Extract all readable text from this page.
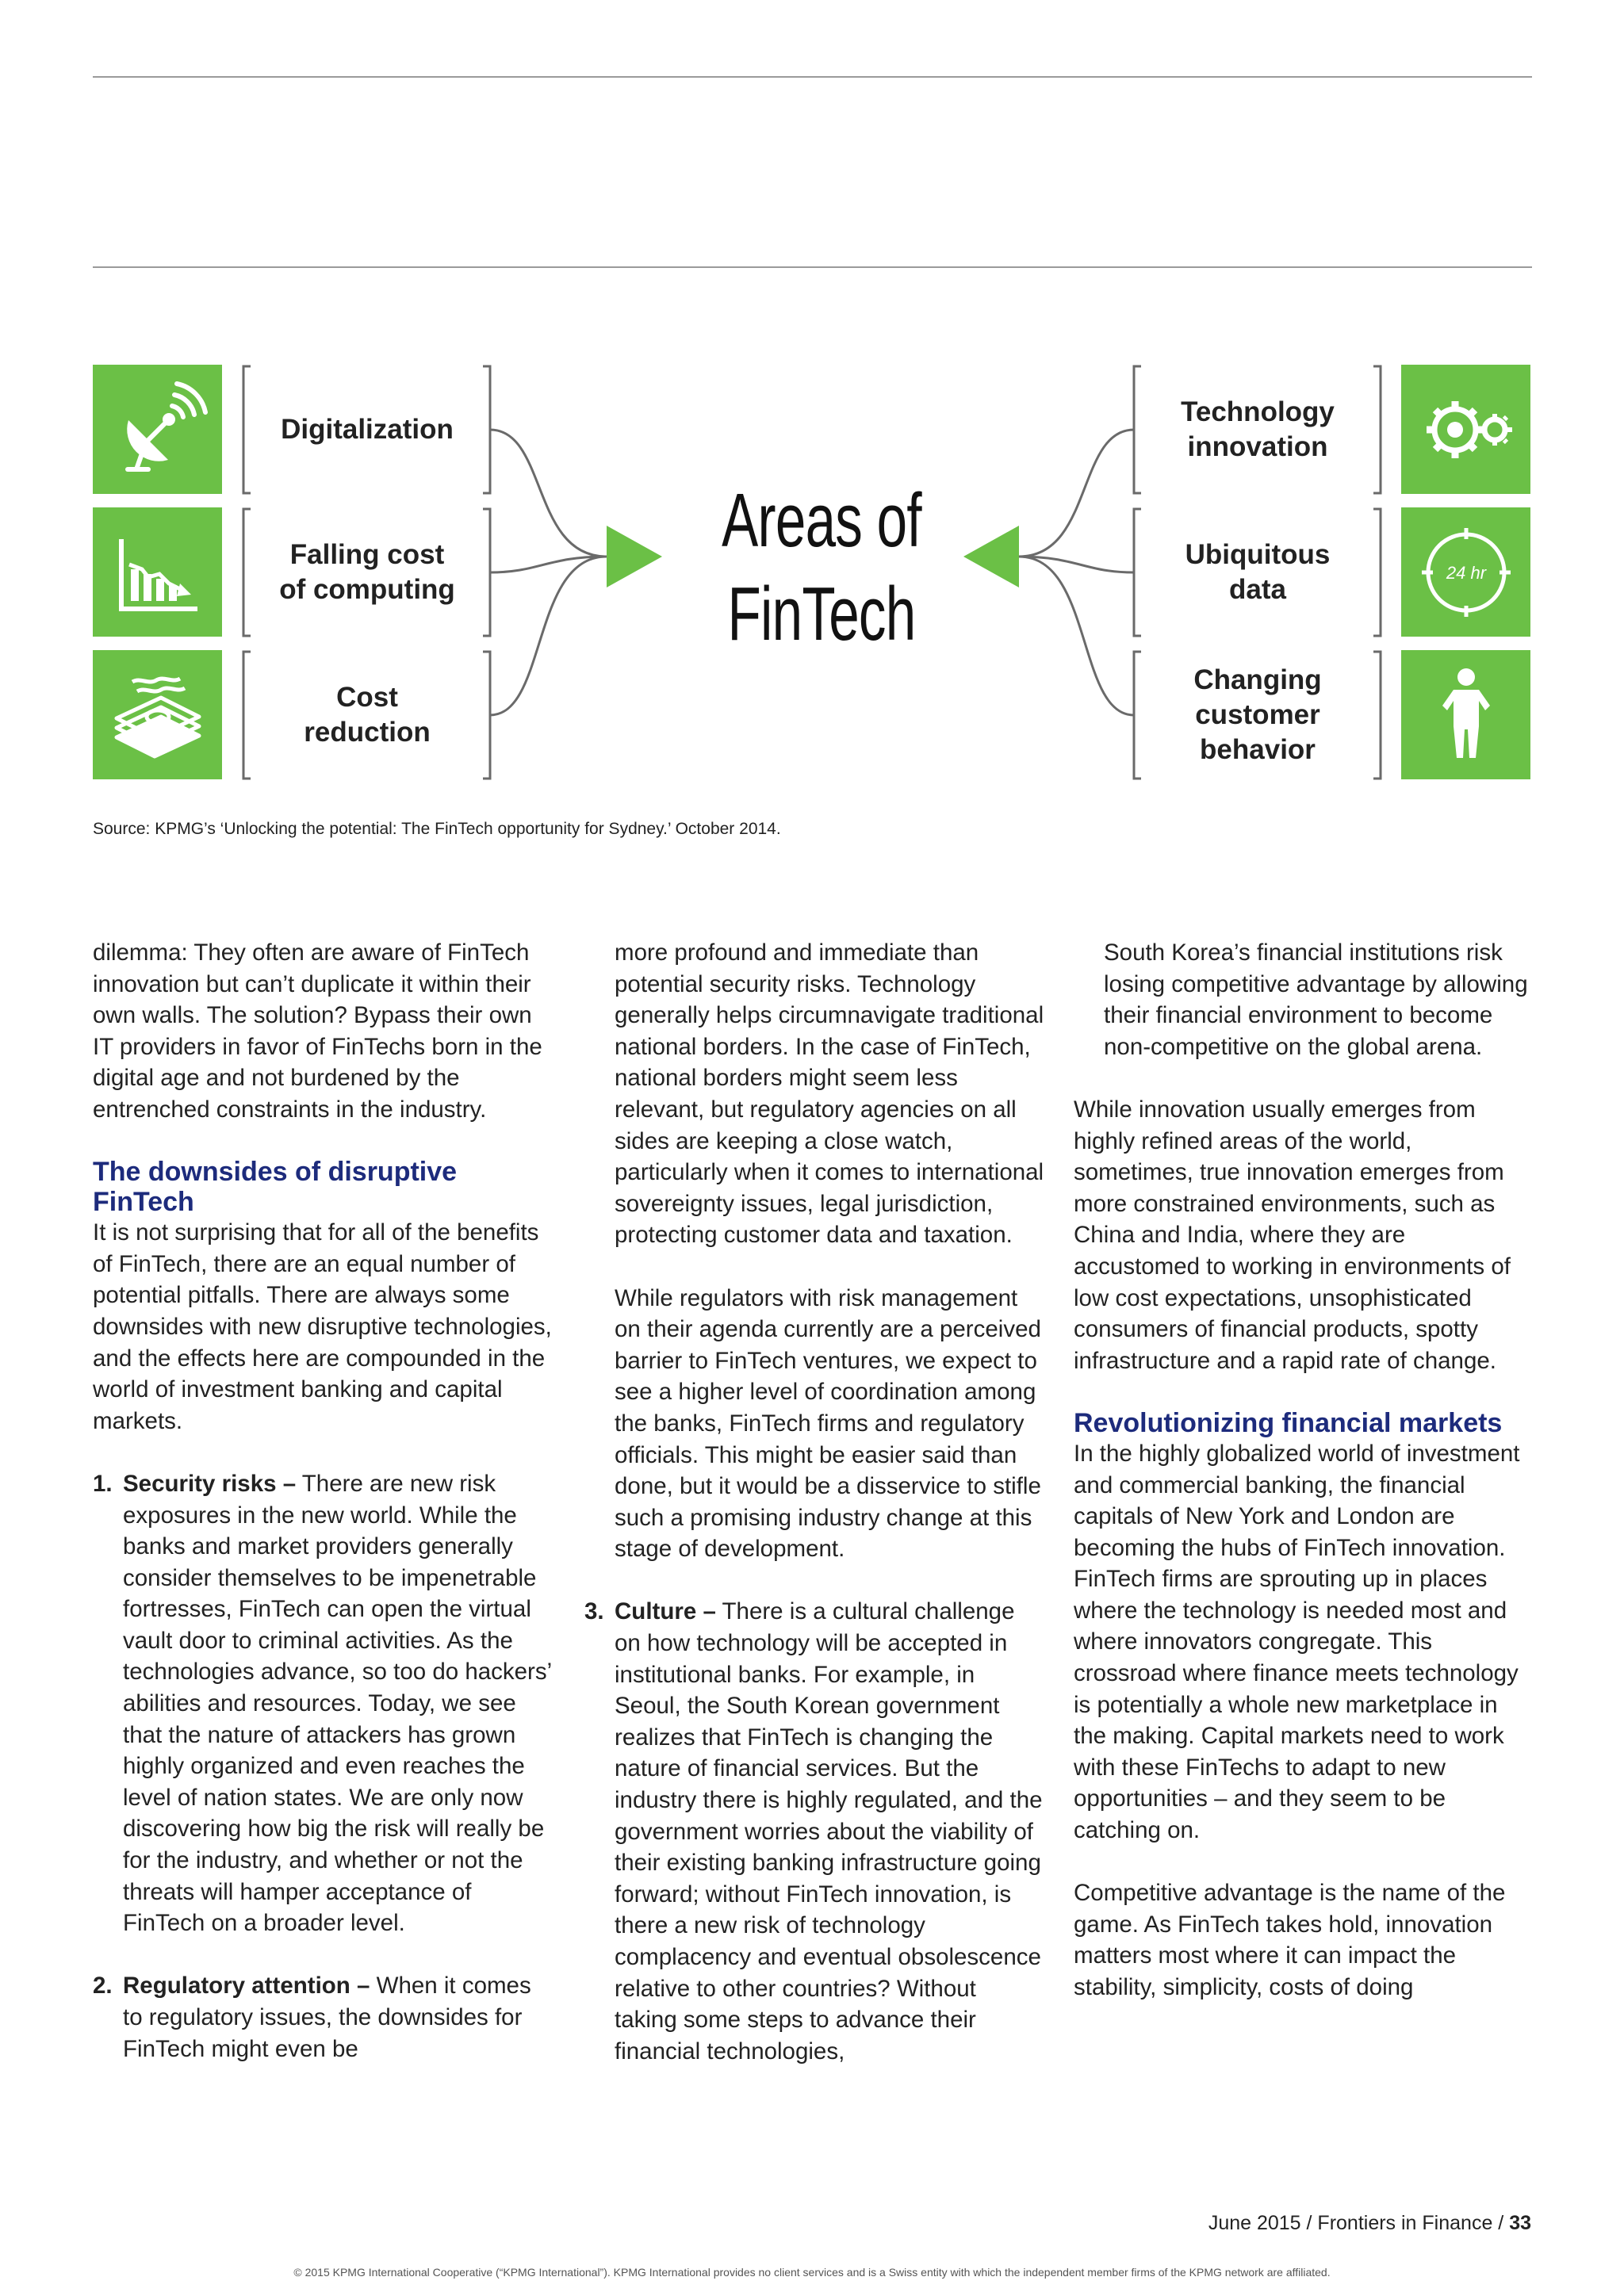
24 hr
Digitalization
Falling cost
of computing
Cost
reduction
Technology
innovation
Ubiquitous
data
Changing
customer
behavior
Areas of
FinTech
Source: KPMG’s ‘Unlocking the potential: The FinTech opportunity for Sydney.’ October 2014.

dilemma: They often are aware of FinTech innovation but can’t duplicate it within their own walls. The solution? Bypass their own IT providers in favor of FinTechs born in the digital age and not burdened by the entrenched constraints in the industry.

The downsides of disruptive FinTech

It is not surprising that for all of the benefits of FinTech, there are an equal number of potential pitfalls. There are always some downsides with new disruptive technologies, and the effects here are compounded in the world of investment banking and capital markets.

1. Security risks – There are new risk exposures in the new world. While the banks and market providers generally consider themselves to be impenetrable fortresses, FinTech can open the virtual vault door to criminal activities. As the technologies advance, so too do hackers’ abilities and resources. Today, we see that the nature of attackers has grown highly organized and even reaches the level of nation states. We are only now discovering how big the risk will really be for the industry, and whether or not the threats will hamper acceptance of FinTech on a broader level.
2. Regulatory attention – When it comes to regulatory issues, the downsides for FinTech might even be

more profound and immediate than potential security risks. Technology generally helps circumnavigate traditional national borders. In the case of FinTech, national borders might seem less relevant, but regulatory agencies on all sides are keeping a close watch, particularly when it comes to international sovereignty issues, legal jurisdiction, protecting customer data and taxation.

While regulators with risk management on their agenda currently are a perceived barrier to FinTech ventures, we expect to see a higher level of coordination among the banks, FinTech firms and regulatory officials. This might be easier said than done, but it would be a disservice to stifle such a promising industry change at this stage of development.

3. Culture – There is a cultural challenge on how technology will be accepted in institutional banks. For example, in Seoul, the South Korean government realizes that FinTech is changing the nature of financial services. But the industry there is highly regulated, and the government worries about the viability of their existing banking infrastructure going forward; without FinTech innovation, is there a new risk of technology complacency and eventual obsolescence relative to other countries? Without taking some steps to advance their financial technologies,

South Korea’s financial institutions risk losing competitive advantage by allowing their financial environment to become non-competitive on the global arena.

While innovation usually emerges from highly refined areas of the world, sometimes, true innovation emerges from more constrained environments, such as China and India, where they are accustomed to working in environments of low cost expectations, unsophisticated consumers of financial products, spotty infrastructure and a rapid rate of change.

Revolutionizing financial markets

In the highly globalized world of investment and commercial banking, the financial capitals of New York and London are becoming the hubs of FinTech innovation. FinTech firms are sprouting up in places where the technology is needed most and where innovators congregate. This crossroad where finance meets technology is potentially a whole new marketplace in the making. Capital markets need to work with these FinTechs to adapt to new opportunities – and they seem to be catching on.

Competitive advantage is the name of the game. As FinTech takes hold, innovation matters most where it can impact the stability, simplicity, costs of doing

June 2015 / Frontiers in Finance / 33
© 2015 KPMG International Cooperative (“KPMG International”). KPMG International provides no client services and is a Swiss entity with which the independent member firms of the KPMG network are affiliated.
